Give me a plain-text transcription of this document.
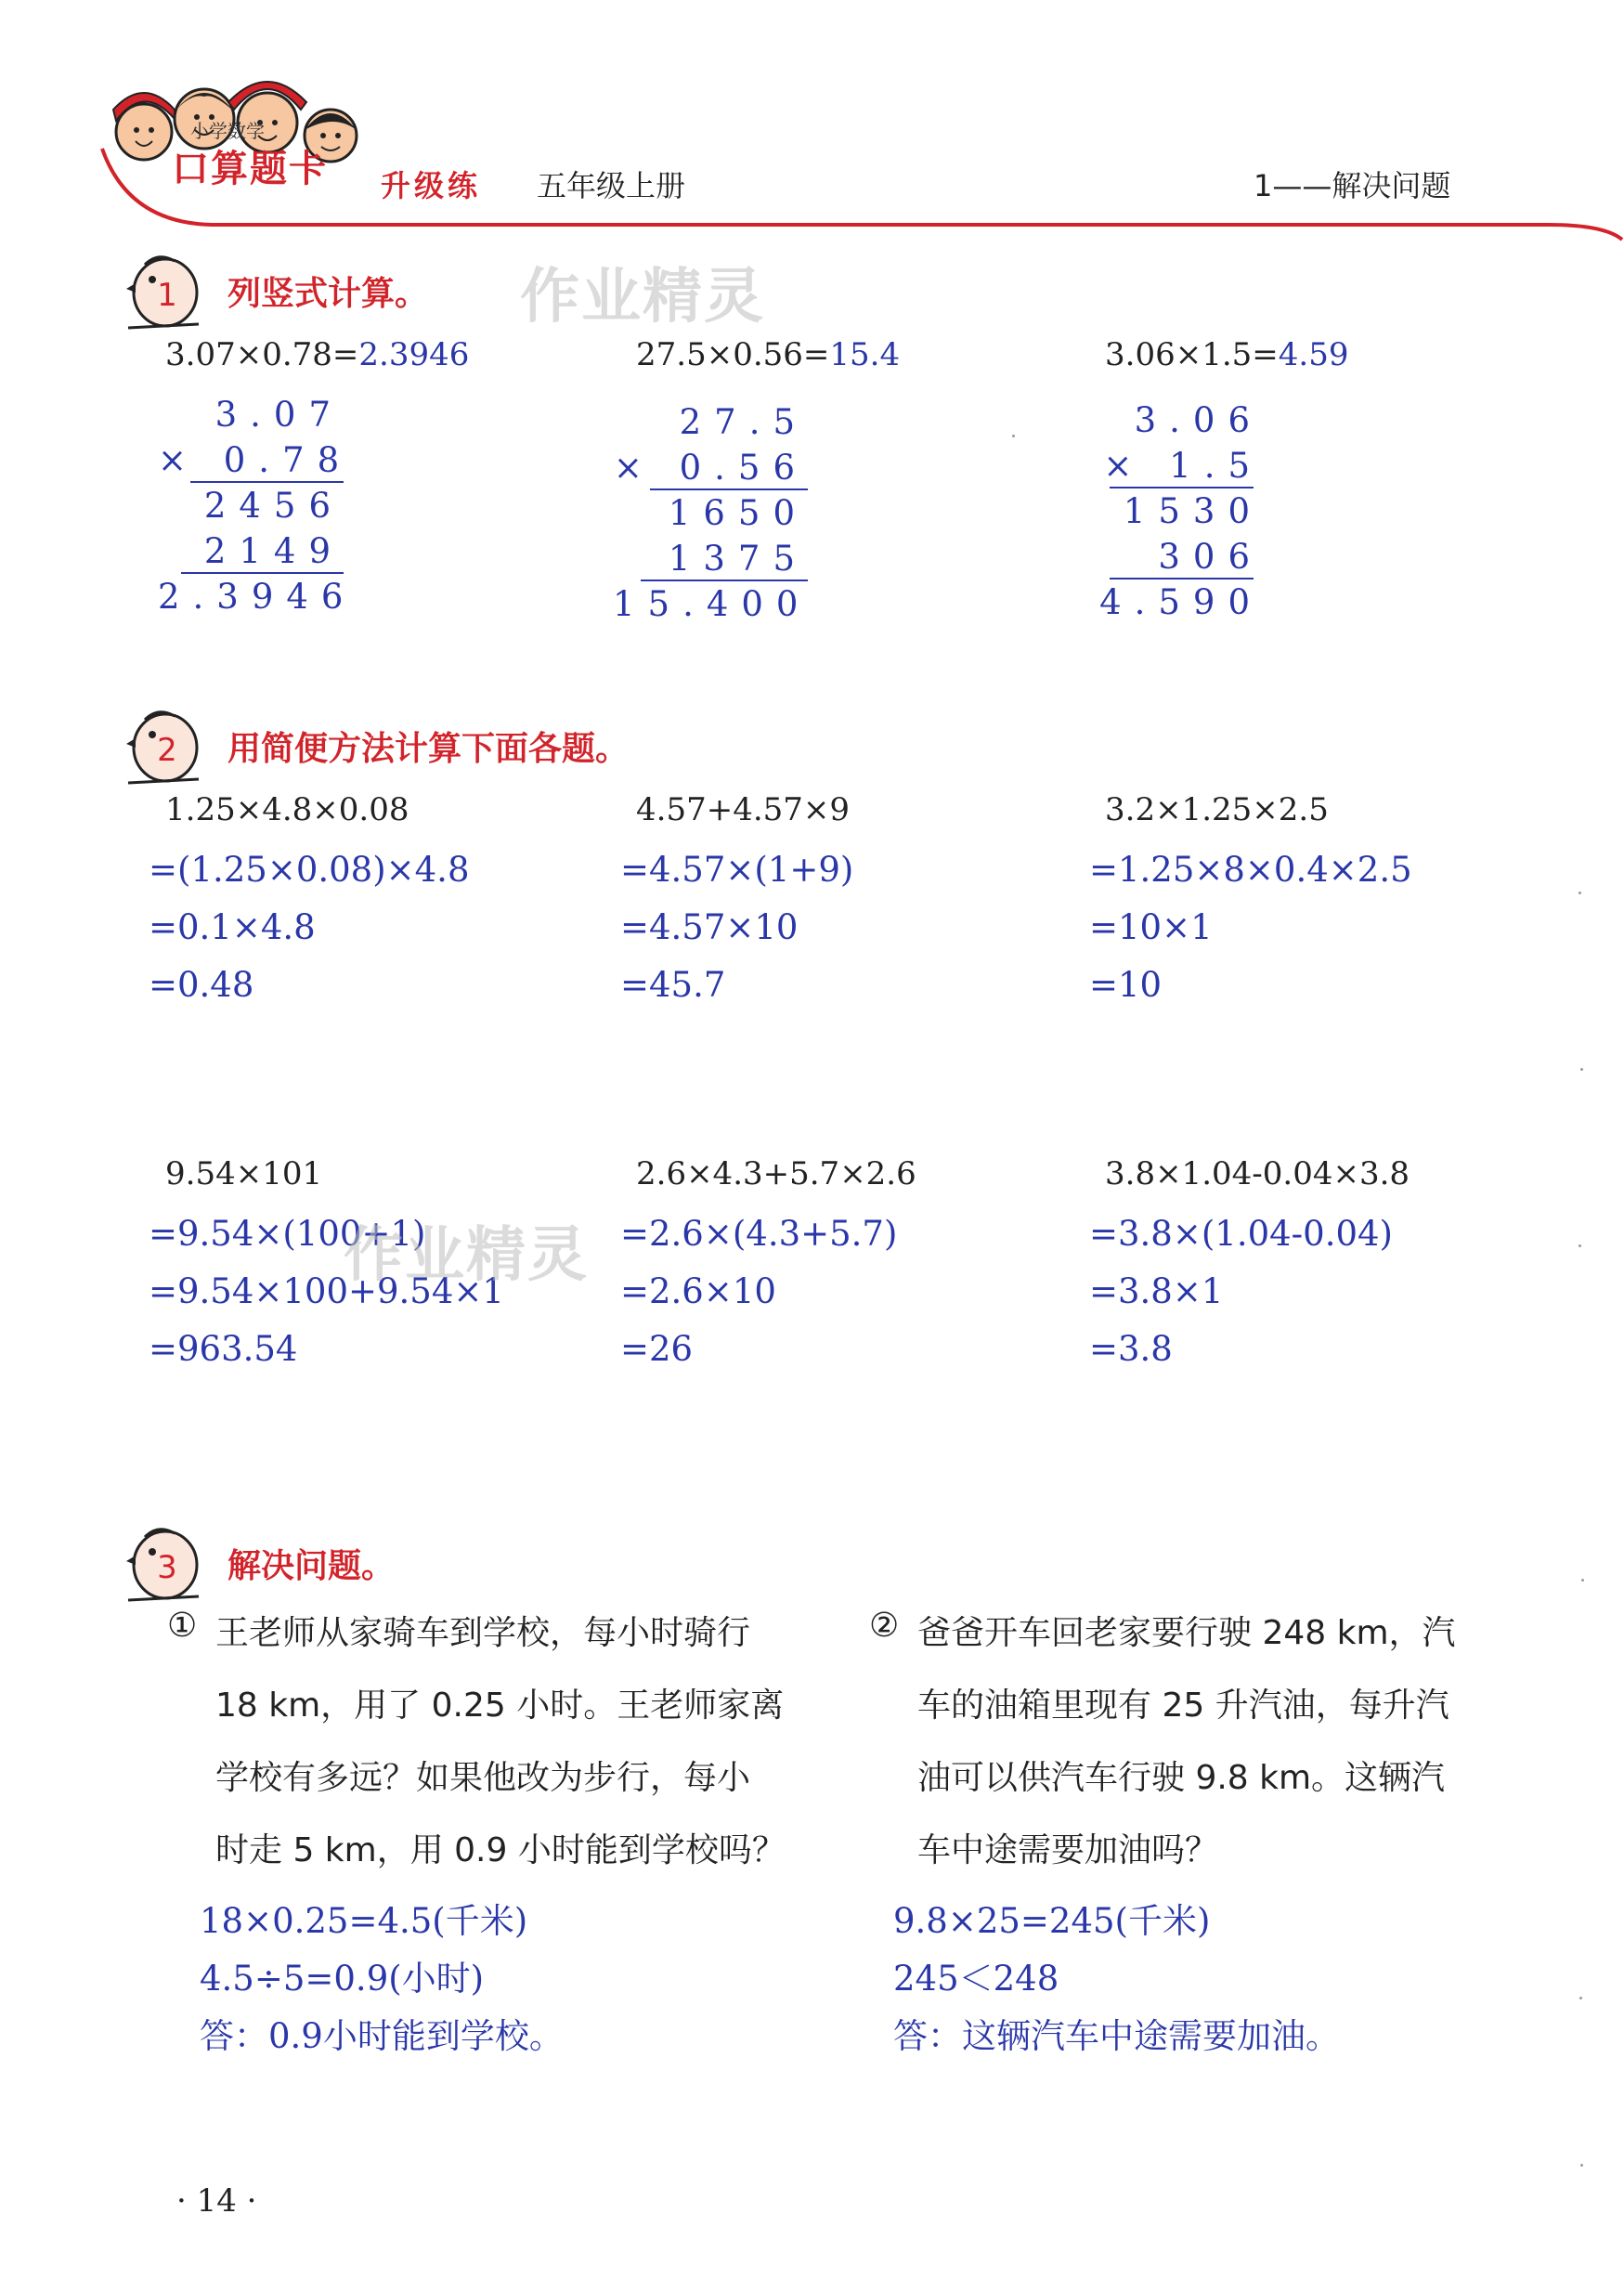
小学数学
口算题卡 升级练 五年级上册	1——解决问题
1 列竖式计算。 作业精灵
3.07×0.78=2.3946
3.07
× 0.78
2456
2149
2.3946
27.5×0.56=15.4
27.5
× 0.56
1650
1375
15.400
3.06×1.5=4.59
3.06
× 1.5
1530
306
4.590
2 用简便方法计算下面各题。
1.25×4.8×0.08
=(1.25×0.08)×4.8
=0.1×4.8
=0.48
4.57+4.57×9
=4.57×(1+9)
=4.57×10
=45.7
3.2×1.25×2.5
=1.25×8×0.4×2.5
=10×1
=10
9.54×101
=9.54×(100+1)
=9.54×100+9.54×1
=963.54
作业精灵
2.6×4.3+5.7×2.6
=2.6×(4.3+5.7)
=2.6×10
=26
3.8×1.04-0.04×3.8
=3.8×(1.04-0.04)
=3.8×1
=3.8
3 解决问题。
① 王老师从家骑车到学校，每小时骑行
18 km，用了 0.25 小时。王老师家离
学校有多远？如果他改为步行，每小
时走 5 km，用 0.9 小时能到学校吗？
18×0.25=4.5(千米)
4.5÷5=0.9(小时)
答：0.9小时能到学校。
② 爸爸开车回老家要行驶 248 km，汽
车的油箱里现有 25 升汽油，每升汽
油可以供汽车行驶 9.8 km。这辆汽
车中途需要加油吗？
9.8×25=245(千米)
245＜248
答：这辆汽车中途需要加油。
· 14 ·
